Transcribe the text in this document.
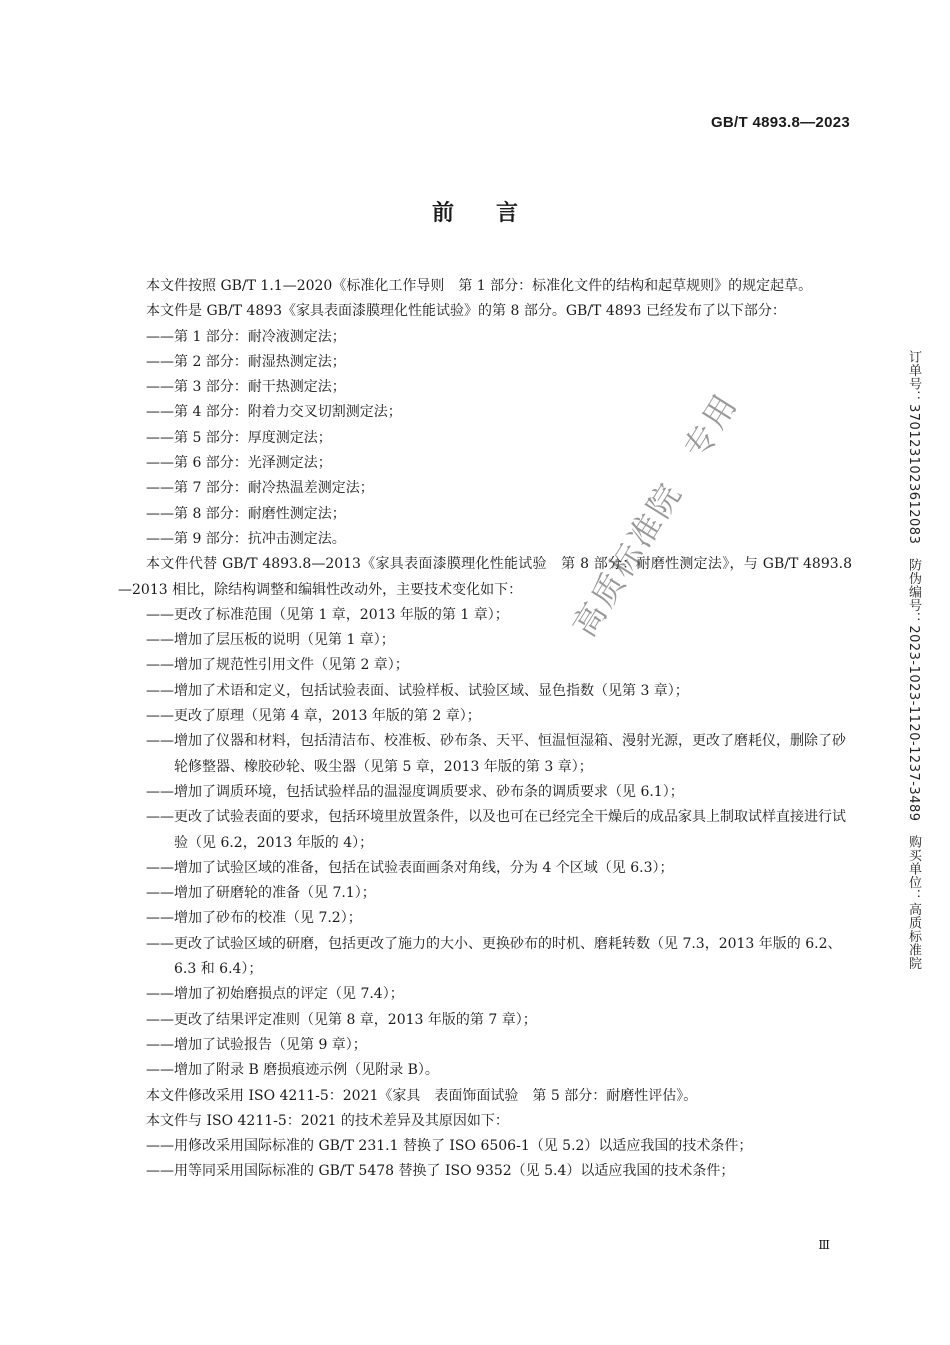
GB/T 4893.8—2023
前言

本文件按照 GB/T 1.1—2020《标准化工作导则　第 1 部分：标准化文件的结构和起草规则》的规定起草。

本文件是 GB/T 4893《家具表面漆膜理化性能试验》的第 8 部分。GB/T 4893 已经发布了以下部分：

——第 1 部分：耐冷液测定法；

——第 2 部分：耐湿热测定法；

——第 3 部分：耐干热测定法；

——第 4 部分：附着力交叉切割测定法；

——第 5 部分：厚度测定法；

——第 6 部分：光泽测定法；

——第 7 部分：耐冷热温差测定法；

——第 8 部分：耐磨性测定法；

——第 9 部分：抗冲击测定法。

本文件代替 GB/T 4893.8—2013《家具表面漆膜理化性能试验　第 8 部分：耐磨性测定法》，与 GB/T 4893.8—2013 相比，除结构调整和编辑性改动外，主要技术变化如下：

——更改了标准范围（见第 1 章，2013 年版的第 1 章）；

——增加了层压板的说明（见第 1 章）；

——增加了规范性引用文件（见第 2 章）；

——增加了术语和定义，包括试验表面、试验样板、试验区域、显色指数（见第 3 章）；

——更改了原理（见第 4 章，2013 年版的第 2 章）；

——增加了仪器和材料，包括清洁布、校准板、砂布条、天平、恒温恒湿箱、漫射光源，更改了磨耗仪，删除了砂轮修整器、橡胶砂轮、吸尘器（见第 5 章，2013 年版的第 3 章）；

——增加了调质环境，包括试验样品的温湿度调质要求、砂布条的调质要求（见 6.1）；

——更改了试验表面的要求，包括环境里放置条件，以及也可在已经完全干燥后的成品家具上制取试样直接进行试验（见 6.2，2013 年版的 4）；

——增加了试验区域的准备，包括在试验表面画条对角线，分为 4 个区域（见 6.3）；

——增加了研磨轮的准备（见 7.1）；

——增加了砂布的校准（见 7.2）；

——更改了试验区域的研磨，包括更改了施力的大小、更换砂布的时机、磨耗转数（见 7.3，2013 年版的 6.2、6.3 和 6.4）；

——增加了初始磨损点的评定（见 7.4）；

——更改了结果评定准则（见第 8 章，2013 年版的第 7 章）；

——增加了试验报告（见第 9 章）；

——增加了附录 B 磨损痕迹示例（见附录 B）。

本文件修改采用 ISO 4211-5：2021《家具　表面饰面试验　第 5 部分：耐磨性评估》。

本文件与 ISO 4211-5：2021 的技术差异及其原因如下：

——用修改采用国际标准的 GB/T 231.1 替换了 ISO 6506-1（见 5.2）以适应我国的技术条件；

——用等同采用国际标准的 GB/T 5478 替换了 ISO 9352（见 5.4）以适应我国的技术条件；

Ⅲ
订单号：3701231023612083　防伪编号：2023-1023-1120-1237-3489　购买单位：高质标准院
高质标准院　专用
